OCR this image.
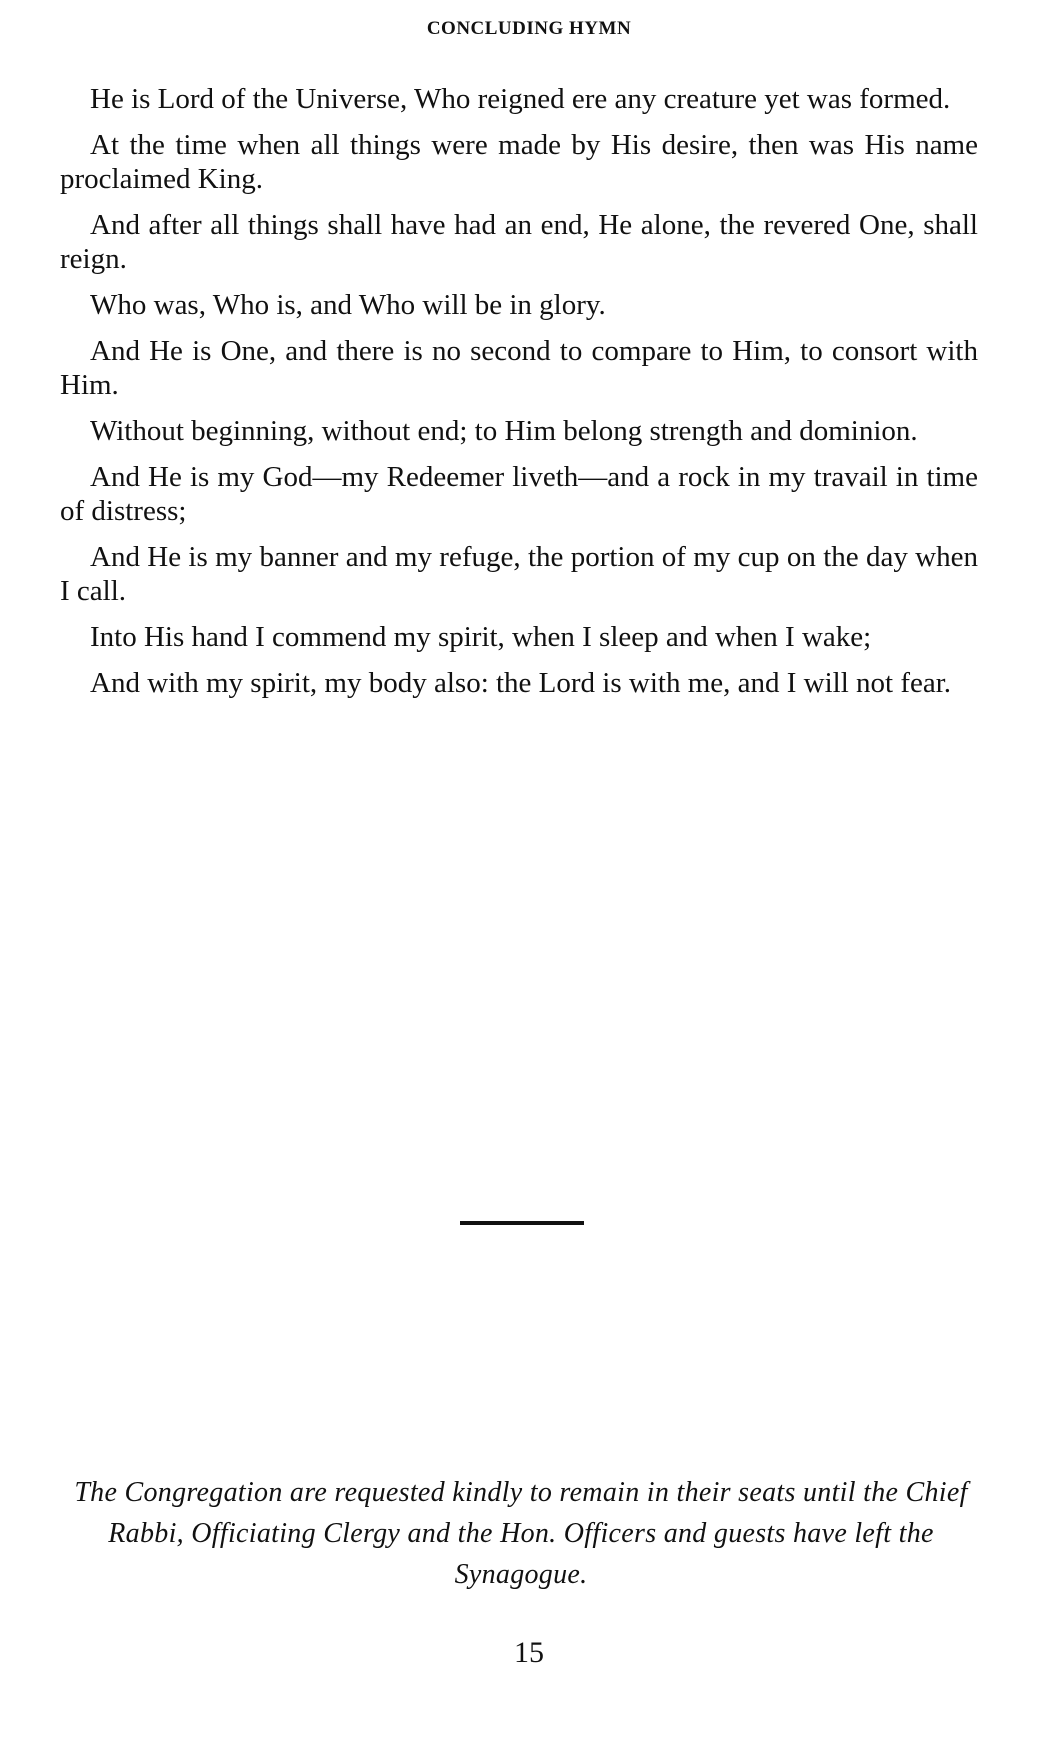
CONCLUDING HYMN

He is Lord of the Universe, Who reigned ere any creature yet was formed.

At the time when all things were made by His desire, then was His name proclaimed King.

And after all things shall have had an end, He alone, the revered One, shall reign.

Who was, Who is, and Who will be in glory.

And He is One, and there is no second to compare to Him, to consort with Him.

Without beginning, without end; to Him belong strength and dominion.

And He is my God—my Redeemer liveth—and a rock in my travail in time of distress;

And He is my banner and my refuge, the portion of my cup on the day when I call.

Into His hand I commend my spirit, when I sleep and when I wake;

And with my spirit, my body also: the Lord is with me, and I will not fear.

The Congregation are requested kindly to remain in their seats until the Chief Rabbi, Officiating Clergy and the Hon. Officers and guests have left the Synagogue.
15
